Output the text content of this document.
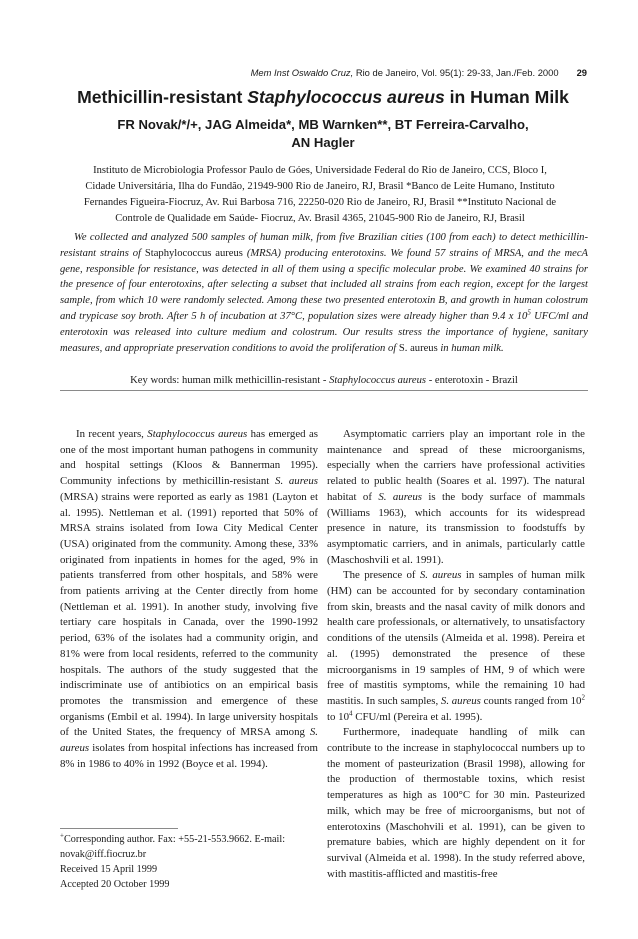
Mem Inst Oswaldo Cruz, Rio de Janeiro, Vol. 95(1): 29-33, Jan./Feb. 2000 29
Methicillin-resistant Staphylococcus aureus in Human Milk
FR Novak/*/+, JAG Almeida*, MB Warnken**, BT Ferreira-Carvalho,
AN Hagler
Instituto de Microbiologia Professor Paulo de Góes, Universidade Federal do Rio de Janeiro, CCS, Bloco I,
Cidade Universitária, Ilha do Fundão, 21949-900 Rio de Janeiro, RJ, Brasil *Banco de Leite Humano, Instituto
Fernandes Figueira-Fiocruz, Av. Rui Barbosa 716, 22250-020 Rio de Janeiro, RJ, Brasil **Instituto Nacional de
Controle de Qualidade em Saúde- Fiocruz, Av. Brasil 4365, 21045-900 Rio de Janeiro, RJ, Brasil

We collected and analyzed 500 samples of human milk, from five Brazilian cities (100 from each) to detect methicillin-resistant strains of Staphylococcus aureus (MRSA) producing enterotoxins. We found 57 strains of MRSA, and the mecA gene, responsible for resistance, was detected in all of them using a specific molecular probe. We examined 40 strains for the presence of four enterotoxins, after selecting a subset that included all strains from each region, except for the largest sample, from which 10 were randomly selected. Among these two presented enterotoxin B, and growth in human colostrum and trypicase soy broth. After 5 h of incubation at 37°C, population sizes were already higher than 9.4 x $10^5$ UFC/ml and enterotoxin was released into culture medium and colostrum. Our results stress the importance of hygiene, sanitary measures, and appropriate preservation conditions to avoid the proliferation of S. aureus in human milk.

Key words: human milk methicillin-resistant - Staphylococcus aureus - enterotoxin - Brazil

In recent years, Staphylococcus aureus has emerged as one of the most important human pathogens in community and hospital settings (Kloos & Bannerman 1995). Community infections by methicillin-resistant S. aureus (MRSA) strains were reported as early as 1981 (Layton et al. 1995). Nettleman et al. (1991) reported that 50% of MRSA strains isolated from Iowa City Medical Center (USA) originated from the community. Among these, 33% originated from inpatients in homes for the aged, 9% in patients transferred from other hospitals, and 58% were from patients arriving at the Center directly from home (Nettleman et al. 1991). In another study, involving five tertiary care hospitals in Canada, over the 1990-1992 period, 63% of the isolates had a community origin, and 81% were from local residents, referred to the community hospitals. The authors of the study suggested that the indiscriminate use of antibiotics on an empirical basis promotes the transmission and emergence of these organisms (Embil et al. 1994). In large university hospitals of the United States, the frequency of MRSA among S. aureus isolates from hospital infections has increased from 8% in 1986 to 40% in 1992 (Boyce et al. 1994).

Asymptomatic carriers play an important role in the maintenance and spread of these microorganisms, especially when the carriers have professional activities related to public health (Soares et al. 1997). The natural habitat of S. aureus is the body surface of mammals (Williams 1963), which accounts for its widespread presence in nature, its transmission to foodstuffs by asymptomatic carriers, and in animals, particularly cattle (Maschoshvili et al. 1991).

The presence of S. aureus in samples of human milk (HM) can be accounted for by secondary contamination from skin, breasts and the nasal cavity of milk donors and health care professionals, or alternatively, to unsatisfactory conditions of the utensils (Almeida et al. 1998). Pereira et al. (1995) demonstrated the presence of these microorganisms in 19 samples of HM, 9 of which were free of mastitis symptoms, while the remaining 10 had mastitis. In such samples, S. aureus counts ranged from $10^2$ to $10^4$ CFU/ml (Pereira et al. 1995).

Furthermore, inadequate handling of milk can contribute to the increase in staphylococcal numbers up to the moment of pasteurization (Brasil 1998), allowing for the production of thermostable toxins, which resist temperatures as high as 100°C for 30 min. Pasteurized milk, which may be free of microorganisms, but not of enterotoxins (Maschohvili et al. 1991), can be given to premature babies, which are highly dependent on it for survival (Almeida et al. 1998). In the study referred above, with mastitis-afflicted and mastitis-free

+Corresponding author. Fax: +55-21-553.9662. E-mail: novak@iff.fiocruz.br
Received 15 April 1999
Accepted 20 October 1999
